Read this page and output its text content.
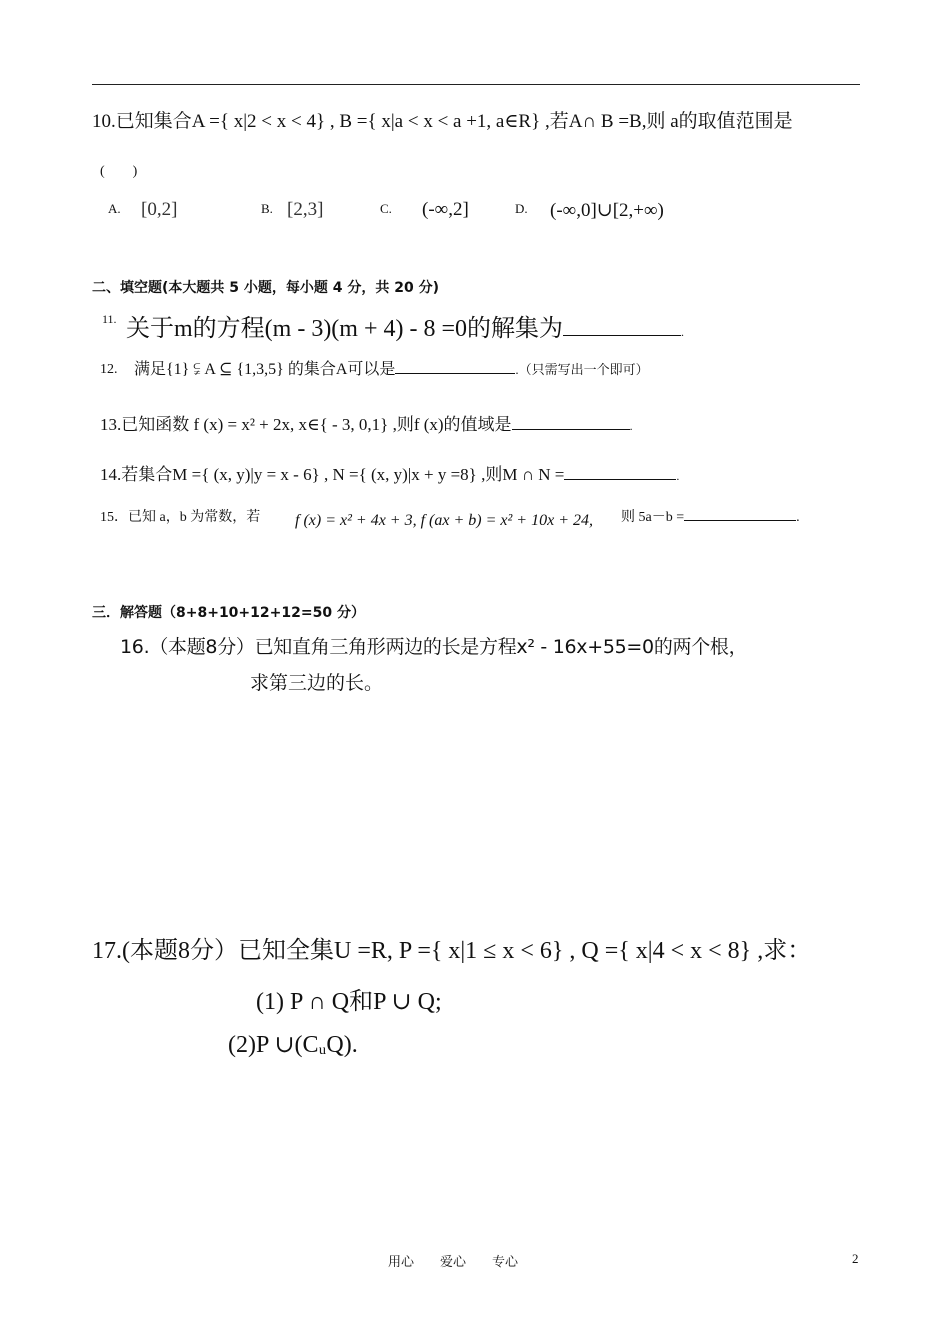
10.已知集合A ={ x|2 < x < 4} , B ={ x|a < x < a +1, a∈R} ,若A∩ B =B,则 a的取值范围是
(　　)
A. [0,2]	B. [2,3]	C. (-∞,2]	D. (-∞,0]∪[2,+∞)
二、填空题(本大题共 5 小题，每小题 4 分，共 20 分)
11. 关于m的方程(m - 3)(m + 4) - 8 =0的解集为	.
12. 满足{1} ⫋ A ⊆ {1,3,5} 的集合A可以是	.（只需写出一个即可）
13.已知函数 f (x) = x² + 2x, x∈{ - 3, 0,1} ,则f (x)的值域是	.
14.若集合M ={ (x, y)|y = x - 6} , N ={ (x, y)|x + y =8} ,则M ∩ N =	.
15．已知 a，b 为常数，若 f (x) = x² + 4x + 3, f (ax + b) = x² + 10x + 24, 则 5a－b =	.
三．解答题（8+8+10+12+12=50 分）
16.（本题8分）已知直角三角形两边的长是方程x² - 16x+55=0的两个根，
求第三边的长。
17.(本题8分）已知全集U =R, P ={ x|1 ≤ x < 6} , Q ={ x|4 < x < 8} ,求：
(1) P ∩ Q和P ∪ Q;
(2)P ∪(CᵤQ).
用心　　爱心　　专心	2
